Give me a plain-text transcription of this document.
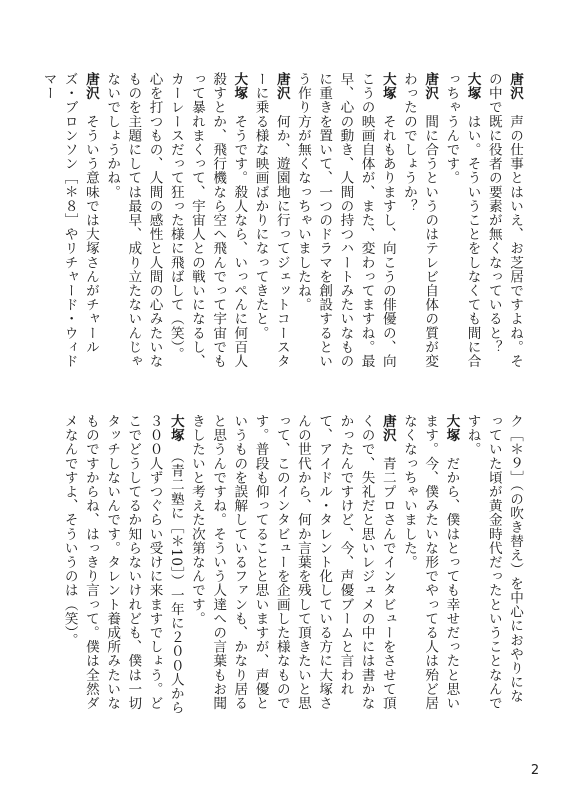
唐沢　声の仕事とはいえ、お芝居ですよね。その中で既に役者の要素が無くなっていると？

大塚　はい。そういうことをしなくても間に合っちゃうんです。

唐沢　間に合うというのはテレビ自体の質が変わったのでしょうか？

大塚　それもありますし、向こうの俳優の、向こうの映画自体が、また、変わってますね。最早、心の動き、人間の持つハートみたいなものに重きを置いて、一つのドラマを創設するという作り方が無くなっちゃいましたね。

唐沢　何か、遊園地に行ってジェットコースターに乗る様な映画ばかりになってきたと。

大塚　そうです。殺人なら、いっぺんに何百人殺すとか、飛行機なら空へ飛んでって宇宙でもって暴れまくって、宇宙人との戦いになるし、カーレースだって狂った様に飛ばして（笑）。心を打つもの、人間の感性と人間の心みたいなものを主題にしては最早、成り立たないんじゃないでしょうかね。

唐沢　そういう意味では大塚さんがチャールズ・ブロンソン［＊８］やリチャード・ウィドマー

ク［＊９］（の吹き替え）を中心におやりになっていた頃が黄金時代だったということなんですね。

大塚　だから、僕はとっても幸せだったと思います。今、僕みたいな形でやってる人は殆ど居なくなっちゃいました。

唐沢　青二プロさんでインタビューをさせて頂くので、失礼だと思いレジュメの中には書かなかったんですけど、今、声優ブームと言われて、アイドル・タレント化している方に大塚さんの世代から、何か言葉を残して頂きたいと思って、このインタビューを企画した様なものです。普段も仰ってることと思いますが、声優というものを誤解しているファンも、かなり居ると思うんですね。そういう人達への言葉もお聞きしたいと考えた次第なんです。

大塚　（青二塾に［＊10］）一年に２００人から３００人ずつぐらい受けに来ますでしょう。どこでどうしてるか知らないけれども、僕は一切タッチしないんです。タレント養成所みたいなものですからね、はっきり言って。僕は全然ダメなんですよ、そういうのは（笑）。

2
